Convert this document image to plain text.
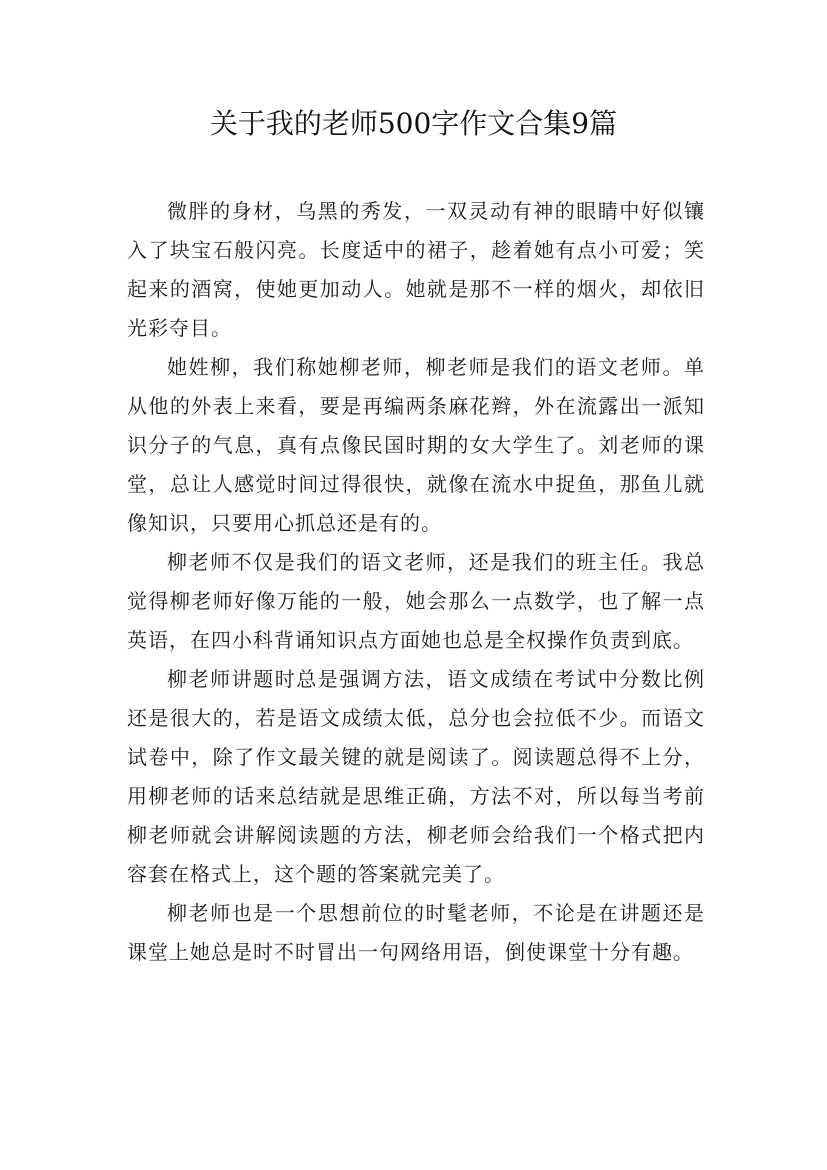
关于我的老师500字作文合集9篇

微胖的身材，乌黑的秀发，一双灵动有神的眼睛中好似镶入了块宝石般闪亮。长度适中的裙子，趁着她有点小可爱；笑起来的酒窝，使她更加动人。她就是那不一样的烟火，却依旧光彩夺目。

她姓柳，我们称她柳老师，柳老师是我们的语文老师。单从他的外表上来看，要是再编两条麻花辫，外在流露出一派知识分子的气息，真有点像民国时期的女大学生了。刘老师的课堂，总让人感觉时间过得很快，就像在流水中捉鱼，那鱼儿就像知识，只要用心抓总还是有的。

柳老师不仅是我们的语文老师，还是我们的班主任。我总觉得柳老师好像万能的一般，她会那么一点数学，也了解一点英语，在四小科背诵知识点方面她也总是全权操作负责到底。

柳老师讲题时总是强调方法，语文成绩在考试中分数比例还是很大的，若是语文成绩太低，总分也会拉低不少。而语文试卷中，除了作文最关键的就是阅读了。阅读题总得不上分，用柳老师的话来总结就是思维正确，方法不对，所以每当考前柳老师就会讲解阅读题的方法，柳老师会给我们一个格式把内容套在格式上，这个题的答案就完美了。

柳老师也是一个思想前位的时髦老师，不论是在讲题还是课堂上她总是时不时冒出一句网络用语，倒使课堂十分有趣。
